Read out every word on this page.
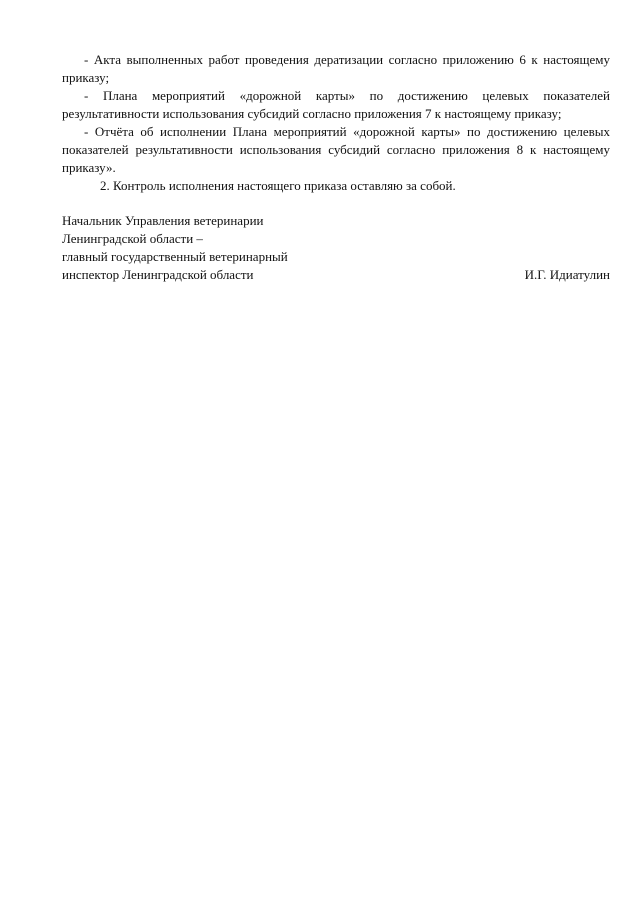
- Акта выполненных работ проведения дератизации согласно приложению 6 к настоящему приказу;

- Плана мероприятий «дорожной карты» по достижению целевых показателей результативности использования субсидий согласно приложения 7 к настоящему приказу;

- Отчёта об исполнении Плана мероприятий «дорожной карты» по достижению целевых показателей результативности использования субсидий согласно приложения 8 к настоящему приказу».

2. Контроль исполнения настоящего приказа оставляю за собой.

Начальник Управления ветеринарии
Ленинградской области –
главный государственный ветеринарный
инспектор Ленинградской области	И.Г. Идиатулин
